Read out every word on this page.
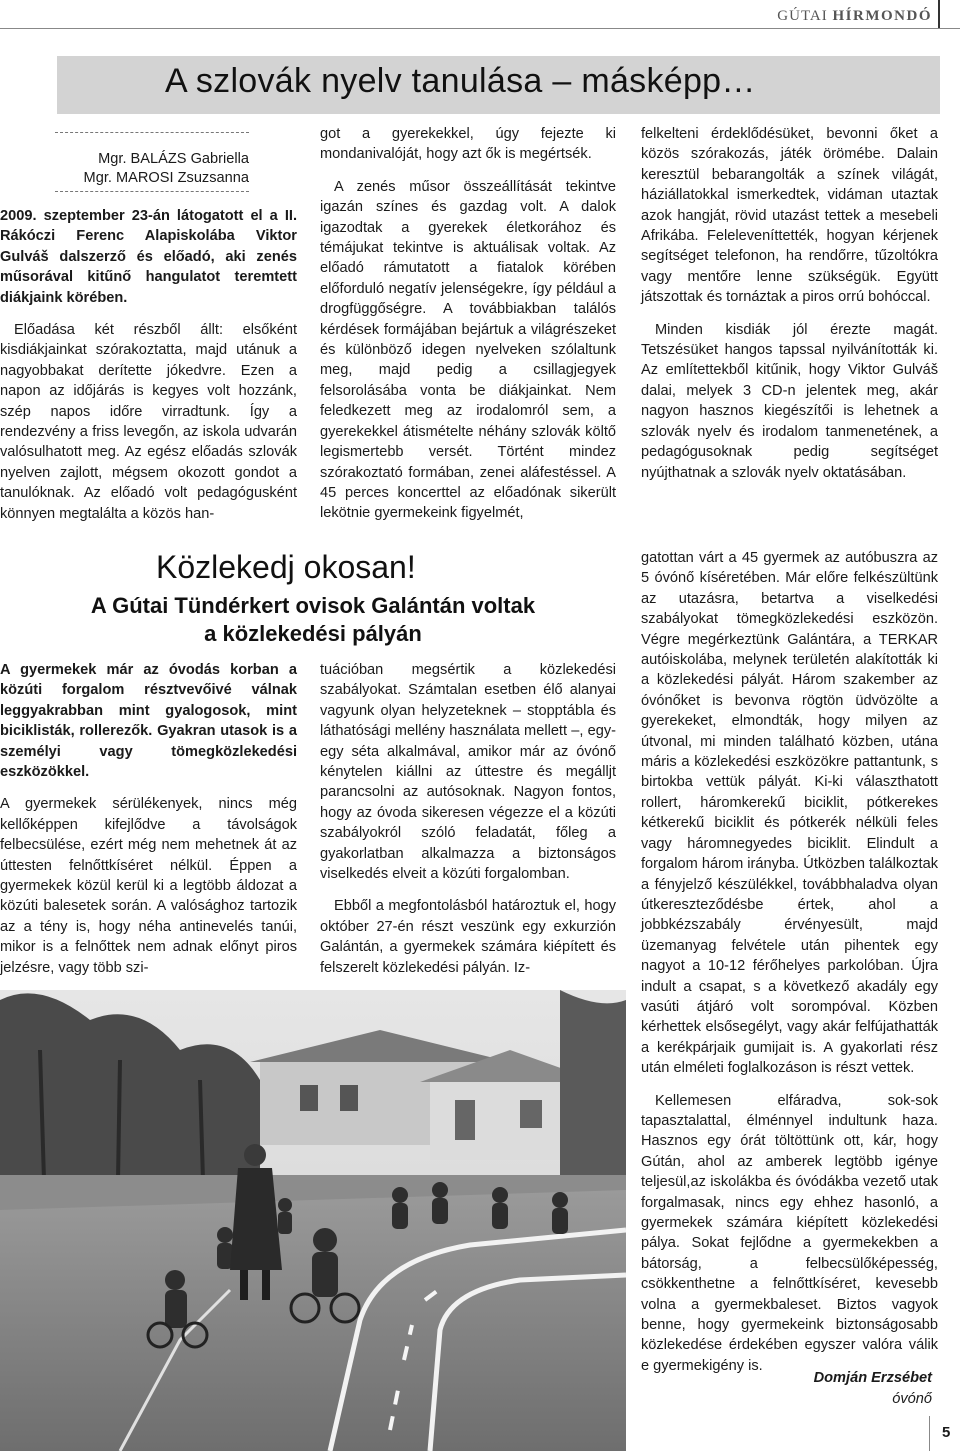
GÚTAI HÍRMONDÓ
A szlovák nyelv tanulása – másképp…
Mgr. BALÁZS Gabriella
Mgr. MAROSI Zsuzsanna

2009. szeptember 23-án látogatott el a II. Rákóczi Ferenc Alapiskolába Viktor Gulváš dalszerző és előadó, aki zenés műsorával kitűnő hangulatot teremtett diákjaink körében.

Előadása két részből állt: elsőként kisdiákjainkat szórakoztatta, majd utánuk a nagyobbakat derítette jókedvre. Ezen a napon az időjárás is kegyes volt hozzánk, szép napos időre virradtunk. Így a rendezvény a friss levegőn, az iskola udvarán valósulhatott meg. Az egész előadás szlovák nyelven zajlott, mégsem okozott gondot a tanulóknak. Az előadó volt pedagógusként könnyen megtalálta a közös han-

got a gyerekekkel, úgy fejezte ki mondanivalóját, hogy azt ők is megértsék.

A zenés műsor összeállítását tekintve igazán színes és gazdag volt. A dalok igazodtak a gyerekek életkorához és témájukat tekintve is aktuálisak voltak. Az előadó rámutatott a fiatalok körében előforduló negatív jelenségekre, így például a drogfüggőségre. A továbbiakban találós kérdések formájában bejártuk a világrészeket és különböző idegen nyelveken szólaltunk meg, majd pedig a csillagjegyek felsorolásába vonta be diákjainkat. Nem feledkezett meg az irodalomról sem, a gyerekekkel átismételte néhány szlovák költő legismertebb versét. Történt mindez szórakoztató formában, zenei aláfestéssel. A 45 perces koncerttel az előadónak sikerült lekötnie gyermekeink figyelmét,

felkelteni érdeklődésüket, bevonni őket a közös szórakozás, játék örömébe. Dalain keresztül bebarangolták a színek világát, háziállatokkal ismerkedtek, vidáman utaztak azok hangját, rövid utazást tettek a mesebeli Afrikába. Feleleveníttették, hogyan kérjenek segítséget telefonon, ha rendőrre, tűzoltókra vagy mentőre lenne szükségük. Együtt játszottak és tornáztak a piros orrú bohóccal.

Minden kisdiák jól érezte magát. Tetszésüket hangos tapssal nyilvánították ki. Az említettekből kitűnik, hogy Viktor Gulváš dalai, melyek 3 CD-n jelentek meg, akár nagyon hasznos kiegészítői is lehetnek a szlovák nyelv és irodalom tanmenetének, a pedagógusoknak pedig segítséget nyújthatnak a szlovák nyelv oktatásában.

Közlekedj okosan!
A Gútai Tündérkert ovisok Galántán voltak
a közlekedési pályán

A gyermekek már az óvodás korban a közúti forgalom résztvevőivé válnak leggyakrabban mint gyalogosok, mint biciklisták, rollerezők. Gyakran utasok is a személyi vagy tömegközlekedési eszközökkel.

A gyermekek sérülékenyek, nincs még kellőképpen kifejlődve a távolságok felbecsülése, ezért még nem mehetnek át az úttesten felnőttkíséret nélkül. Éppen a gyermekek közül kerül ki a legtöbb áldozat a közúti balesetek során. A valósághoz tartozik az a tény is, hogy néha antinevelés tanúi, mikor is a felnőttek nem adnak előnyt piros jelzésre, vagy több szi-

tuációban megsértik a közlekedési szabályokat. Számtalan esetben élő alanyai vagyunk olyan helyzeteknek – stopptábla és láthatósági mellény használata mellett –, egy-egy séta alkalmával, amikor már az óvónő kénytelen kiállni az úttestre és megálljt parancsolni az autósoknak. Nagyon fontos, hogy az óvoda sikeresen végezze el a közúti szabályokról szóló feladatát, főleg a gyakorlatban alkalmazza a biztonságos viselkedés elveit a közúti forgalomban.

Ebből a megfontolásból határoztuk el, hogy október 27-én részt veszünk egy exkurzión Galántán, a gyermekek számára kiépített és felszerelt közlekedési pályán. Iz-

gatottan várt a 45 gyermek az autóbuszra az 5 óvónő kíséretében. Már előre felkészültünk az utazásra, betartva a viselkedési szabályokat tömegközlekedési eszközön. Végre megérkeztünk Galántára, a TERKAR autóiskolába, melynek területén alakították ki a közlekedési pályát. Három szakember az óvónőket is bevonva rögtön üdvözölte a gyerekeket, elmondták, hogy milyen az útvonal, mi minden található közben, utána máris a közlekedési eszközökre pattantunk, s birtokba vettük pályát. Ki-ki választhatott rollert, háromkerekű biciklit, pótkerekes kétkerekű biciklit és pótkerék nélküli feles vagy háromnegyedes biciklit. Elindult a forgalom három irányba. Útközben találkoztak a fényjelző készülékkel, továbbhaladva olyan útkereszteződésbe értek, ahol a jobbkézszabály érvényesült, majd üzemanyag felvétele után pihentek egy nagyot a 10-12 férőhelyes parkolóban. Újra indult a csapat, s a következő akadály egy vasúti átjáró volt sorompóval. Közben kérhettek elsősegélyt, vagy akár felfújathatták a kerékpárjaik gumijait is. A gyakorlati rész után elméleti foglalkozáson is részt vettek.

Kellemesen elfáradva, sok-sok tapasztalattal, élménnyel indultunk haza. Hasznos egy órát töltöttünk ott, kár, hogy Gútán, ahol az amberek legtöbb igénye teljesül,az iskolákba és óvódákba vezető utak forgalmasak, nincs egy ehhez hasonló, a gyermekek számára kiépített közlekedési pálya. Sokat fejlődne a gyermekekben a bátorság, a felbecsülőképesség, csökkenthetne a felnőttkíséret, kevesebb volna a gyermekbaleset. Biztos vagyok benne, hogy gyermekeink biztonságosabb közlekedése érdekében egyszer valóra válik e gyermekigény is.

Domján Erzsébet
óvónő
5
